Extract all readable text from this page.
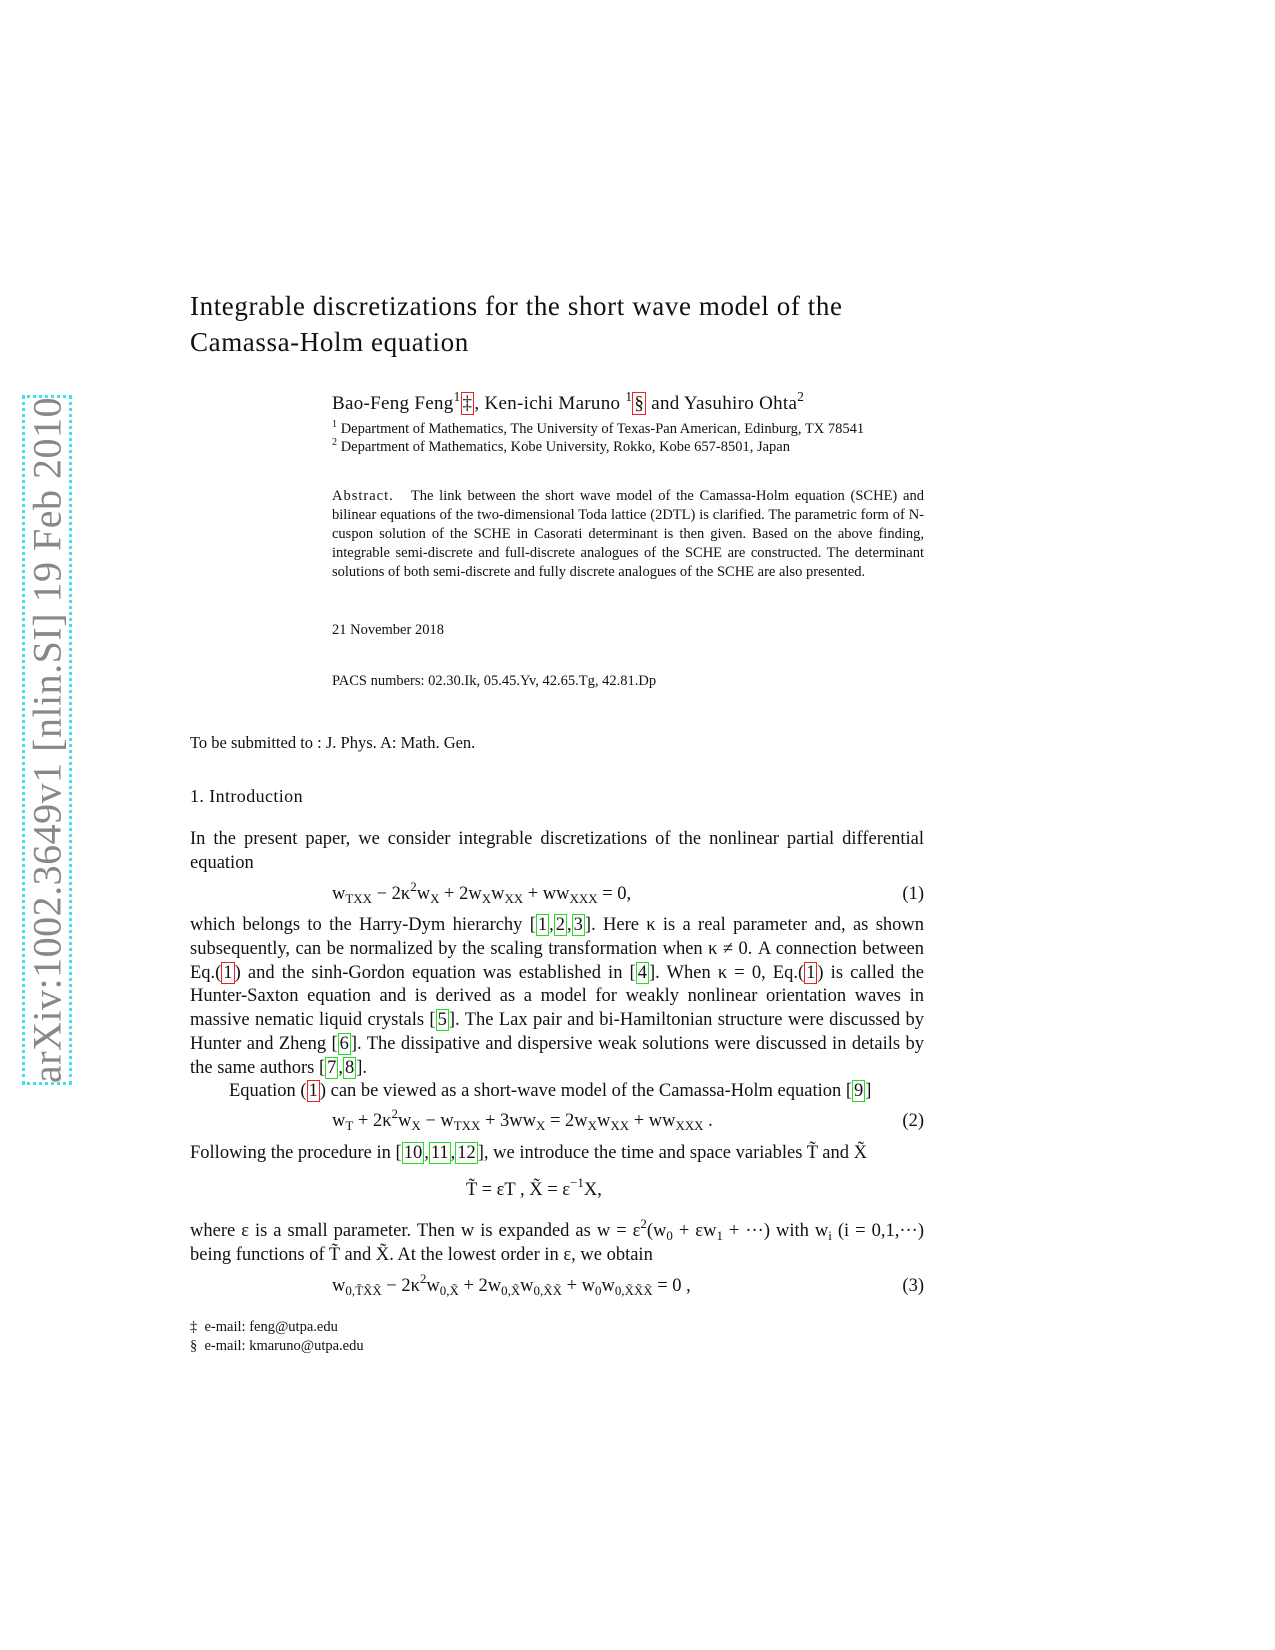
arXiv:1002.3649v1 [nlin.SI] 19 Feb 2010
Integrable discretizations for the short wave model of the
Camassa-Holm equation
Bao-Feng Feng$^1$ ‡ , Ken-ichi Maruno $^1$ § and Yasuhiro Ohta$^2$
$^1$ Department of Mathematics, The University of Texas-Pan American, Edinburg, TX 78541
$^2$ Department of Mathematics, Kobe University, Rokko, Kobe 657-8501, Japan
Abstract. The link between the short wave model of the Camassa-Holm equation (SCHE) and bilinear equations of the two-dimensional Toda lattice (2DTL) is clarified. The parametric form of N-cuspon solution of the SCHE in Casorati determinant is then given. Based on the above finding, integrable semi-discrete and full-discrete analogues of the SCHE are constructed. The determinant solutions of both semi-discrete and fully discrete analogues of the SCHE are also presented.
21 November 2018
PACS numbers: 02.30.Ik, 05.45.Yv, 42.65.Tg, 42.81.Dp
To be submitted to : J. Phys. A: Math. Gen.
1. Introduction
In the present paper, we consider integrable discretizations of the nonlinear partial differential equation
$w_{TXX} - 2\kappa^2w_X + 2w_Xw_{XX} + ww_{XXX} = 0$,	(1)
which belongs to the Harry-Dym hierarchy [ 1 , 2 , 3 ]. Here κ is a real parameter and, as shown subsequently, can be normalized by the scaling transformation when κ ≠ 0. A connection between Eq.( 1 ) and the sinh-Gordon equation was established in [ 4 ]. When κ = 0, Eq.( 1 ) is called the Hunter-Saxton equation and is derived as a model for weakly nonlinear orientation waves in massive nematic liquid crystals [ 5 ]. The Lax pair and bi-Hamiltonian structure were discussed by Hunter and Zheng [ 6 ]. The dissipative and dispersive weak solutions were discussed in details by the same authors [ 7 , 8 ].
Equation ( 1 ) can be viewed as a short-wave model of the Camassa-Holm equation [ 9 ]
$w_T + 2\kappa^2w_X - w_{TXX} + 3ww_X = 2w_Xw_{XX} + ww_{XXX}$ .	(2)
Following the procedure in [ 10 , 11 , 12 ], we introduce the time and space variables T̃ and X̃
T̃ = εT , X̃ = $\varepsilon^{-1}X$,
where ε is a small parameter. Then w is expanded as $w = \varepsilon^2(w_0 + \varepsilon w_1$ + ···) with $w_i$ (i = 0,1,···) being functions of T̃ and X̃. At the lowest order in ε, we obtain
$w_{0,T̃X̃X̃} - 2\kappa^2w_{0,X̃} + 2w_{0,X̃}w_{0,X̃X̃} + w_0w_{0,X̃X̃X̃} = 0$ ,	(3)
‡ e-mail: feng@utpa.edu
§ e-mail: kmaruno@utpa.edu
